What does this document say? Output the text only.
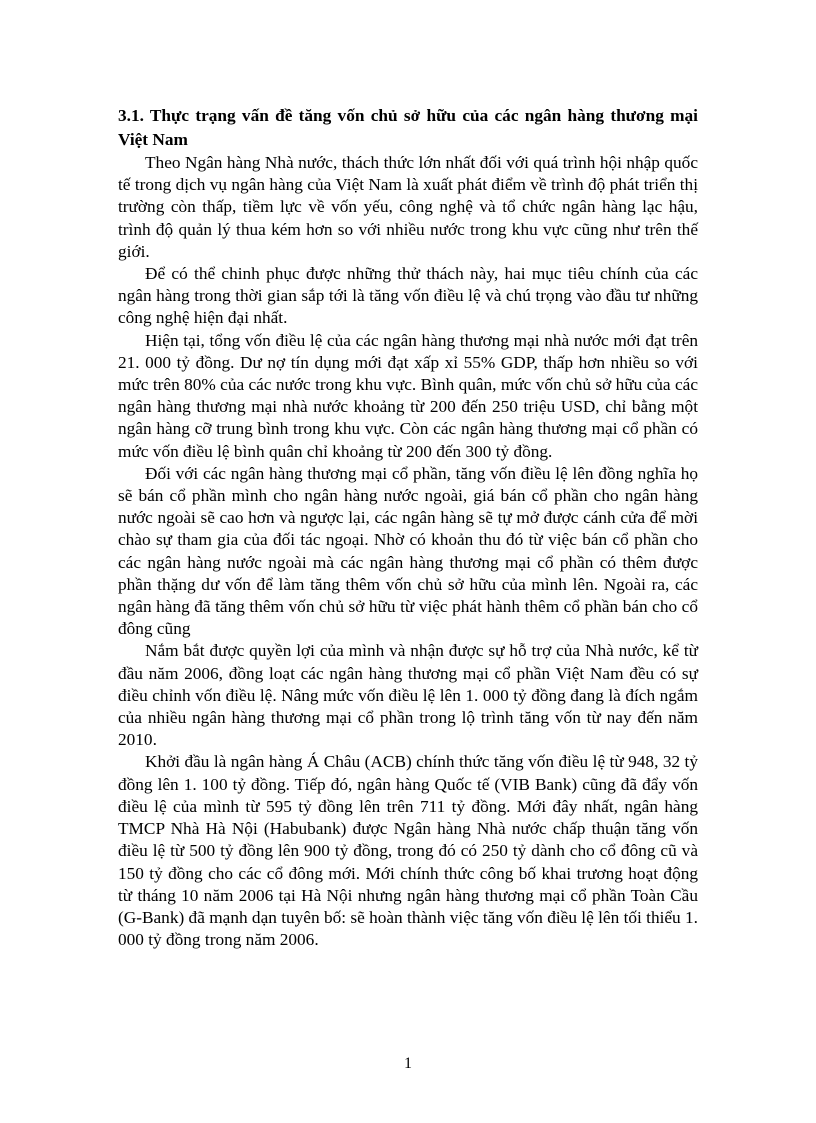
3.1. Thực trạng vấn đề tăng vốn chủ sở hữu của các ngân hàng thương mại Việt Nam

Theo Ngân hàng Nhà nước, thách thức lớn nhất đối với quá trình hội nhập quốc tế trong dịch vụ ngân hàng của Việt Nam là xuất phát điểm về trình độ phát triển thị trường còn thấp, tiềm lực về vốn yếu, công nghệ và tổ chức ngân hàng lạc hậu, trình độ quản lý thua kém hơn so với nhiều nước trong khu vực cũng như trên thế giới.

Để có thể chinh phục được những thử thách này, hai mục tiêu chính của các ngân hàng trong thời gian sắp tới là tăng vốn điều lệ và chú trọng vào đầu tư những công nghệ hiện đại nhất.

Hiện tại, tổng vốn điều lệ của các ngân hàng thương mại nhà nước mới đạt trên 21. 000 tỷ đồng. Dư nợ tín dụng mới đạt xấp xỉ 55% GDP, thấp hơn nhiều so với mức trên 80% của các nước trong khu vực. Bình quân, mức vốn chủ sở hữu của các ngân hàng thương mại nhà nước khoảng từ 200 đến 250 triệu USD, chỉ bằng một ngân hàng cỡ trung bình trong khu vực. Còn các ngân hàng thương mại cổ phần có mức vốn điều lệ bình quân chỉ khoảng từ 200 đến 300 tỷ đồng.

Đối với các ngân hàng thương mại cổ phần, tăng vốn điều lệ lên đồng nghĩa họ sẽ bán cổ phần mình cho ngân hàng nước ngoài, giá bán cổ phần cho ngân hàng nước ngoài sẽ cao hơn và ngược lại, các ngân hàng sẽ tự mở được cánh cửa để mời chào sự tham gia của đối tác ngoại. Nhờ có khoản thu đó từ việc bán cổ phần cho các ngân hàng nước ngoài mà các ngân hàng thương mại cổ phần có thêm được phần thặng dư vốn để làm tăng thêm vốn chủ sở hữu của mình lên. Ngoài ra, các ngân hàng đã tăng thêm vốn chủ sở hữu từ việc phát hành thêm cổ phần bán cho cổ đông cũng

Nắm bắt được quyền lợi của mình và nhận được sự hỗ trợ của Nhà nước, kể từ đầu năm 2006, đồng loạt các ngân hàng thương mại cổ phần Việt Nam đều có sự điều chỉnh vốn điều lệ. Nâng mức vốn điều lệ lên 1. 000 tỷ đồng đang là đích ngắm của nhiều ngân hàng thương mại cổ phần trong lộ trình tăng vốn từ nay đến năm 2010.

Khởi đầu là ngân hàng Á Châu (ACB) chính thức tăng vốn điều lệ từ 948, 32 tỷ đồng lên 1. 100 tỷ đồng. Tiếp đó, ngân hàng Quốc tế (VIB Bank) cũng đã đẩy vốn điều lệ của mình từ 595 tỷ đồng lên trên 711 tỷ đồng. Mới đây nhất, ngân hàng TMCP Nhà Hà Nội (Habubank) được Ngân hàng Nhà nước chấp thuận tăng vốn điều lệ từ 500 tỷ đồng lên 900 tỷ đồng, trong đó có 250 tỷ dành cho cổ đông cũ và 150 tỷ đồng cho các cổ đông mới. Mới chính thức công bố khai trương hoạt động từ tháng 10 năm 2006 tại Hà Nội nhưng ngân hàng thương mại cổ phần Toàn Cầu (G-Bank) đã mạnh dạn tuyên bố: sẽ hoàn thành việc tăng vốn điều lệ lên tối thiểu 1. 000 tỷ đồng trong năm 2006.

1
